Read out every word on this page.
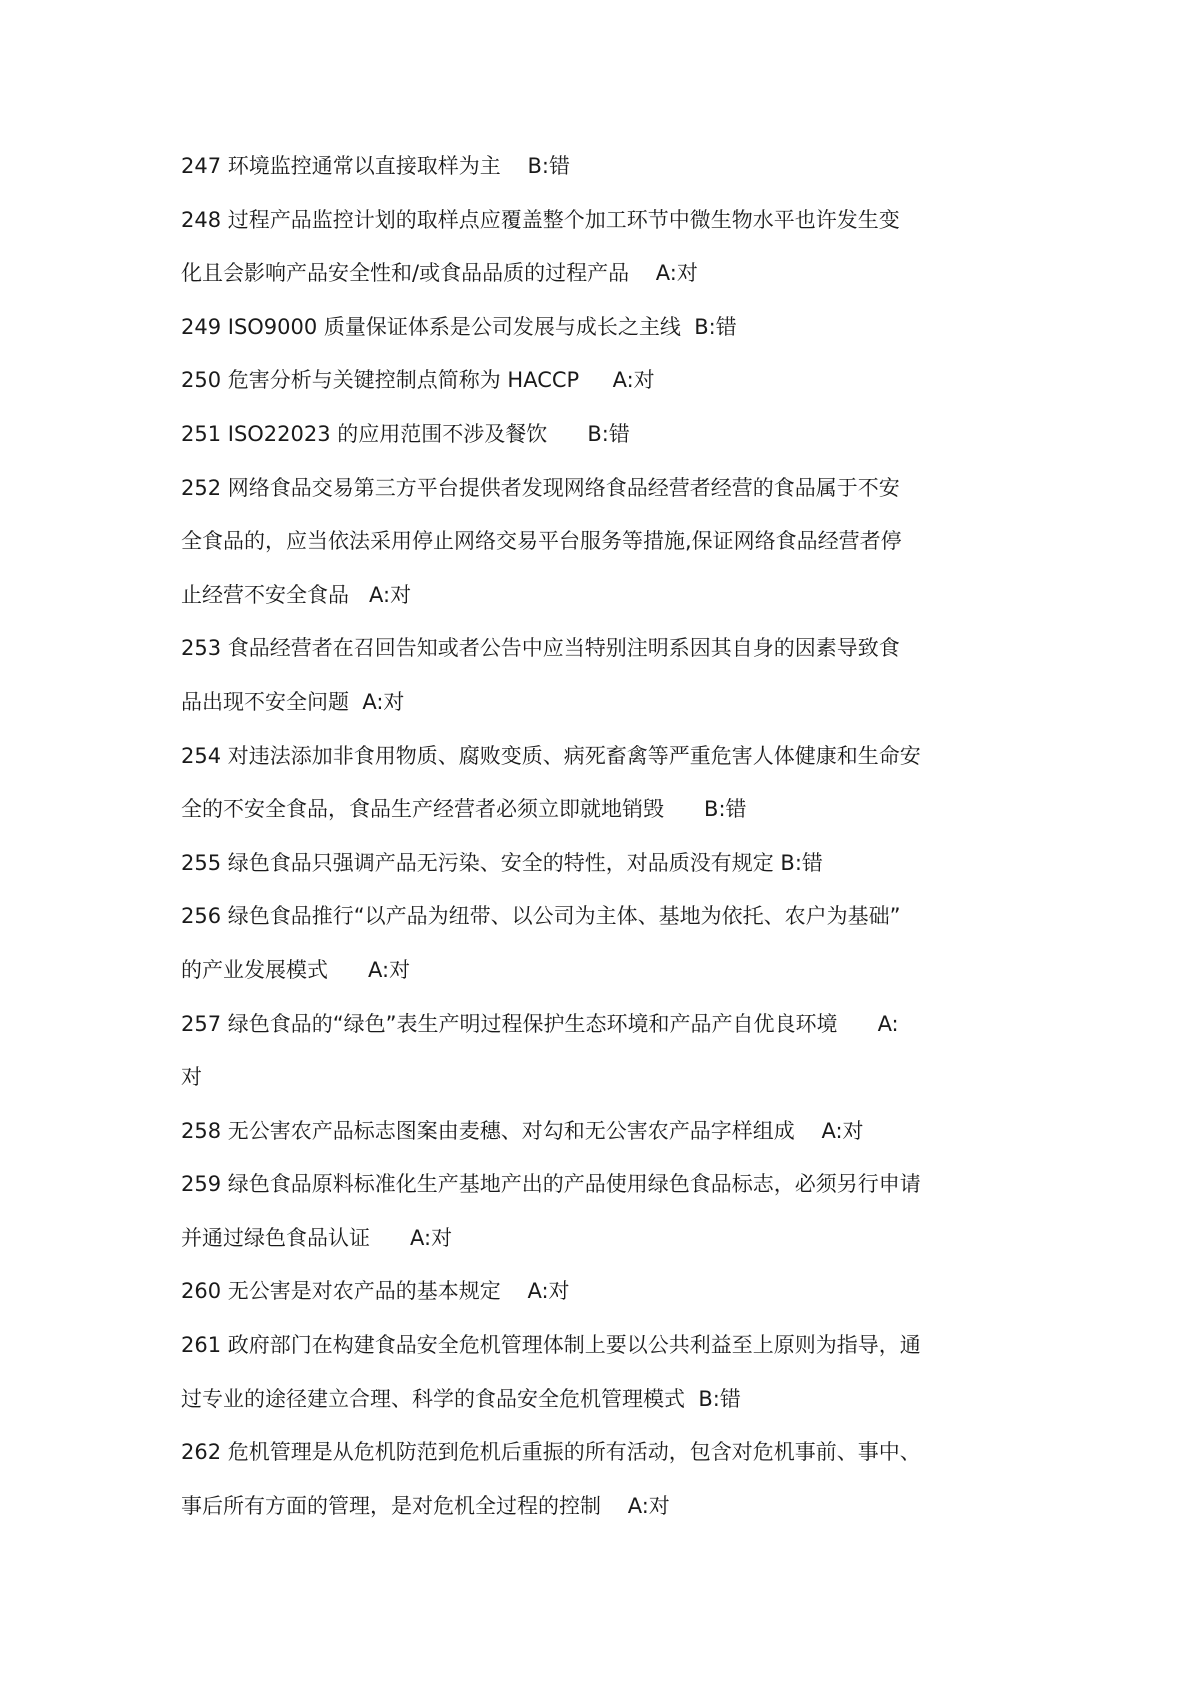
247 环境监控通常以直接取样为主    B:错
248 过程产品监控计划的取样点应覆盖整个加工环节中微生物水平也许发生变
化且会影响产品安全性和/或食品品质的过程产品    A:对
249 ISO9000 质量保证体系是公司发展与成长之主线  B:错
250 危害分析与关键控制点简称为 HACCP     A:对
251 ISO22023 的应用范围不涉及餐饮      B:错
252 网络食品交易第三方平台提供者发现网络食品经营者经营的食品属于不安
全食品的，应当依法采用停止网络交易平台服务等措施,保证网络食品经营者停
止经营不安全食品   A:对
253 食品经营者在召回告知或者公告中应当特别注明系因其自身的因素导致食
品出现不安全问题  A:对
254 对违法添加非食用物质、腐败变质、病死畜禽等严重危害人体健康和生命安
全的不安全食品，食品生产经营者必须立即就地销毁      B:错
255 绿色食品只强调产品无污染、安全的特性，对品质没有规定 B:错
256 绿色食品推行“以产品为纽带、以公司为主体、基地为依托、农户为基础”
的产业发展模式      A:对
257 绿色食品的“绿色”表生产明过程保护生态环境和产品产自优良环境      A:
对
258 无公害农产品标志图案由麦穗、对勾和无公害农产品字样组成    A:对
259 绿色食品原料标准化生产基地产出的产品使用绿色食品标志，必须另行申请
并通过绿色食品认证      A:对
260 无公害是对农产品的基本规定    A:对
261 政府部门在构建食品安全危机管理体制上要以公共利益至上原则为指导，通
过专业的途径建立合理、科学的食品安全危机管理模式  B:错
262 危机管理是从危机防范到危机后重振的所有活动，包含对危机事前、事中、
事后所有方面的管理，是对危机全过程的控制    A:对
